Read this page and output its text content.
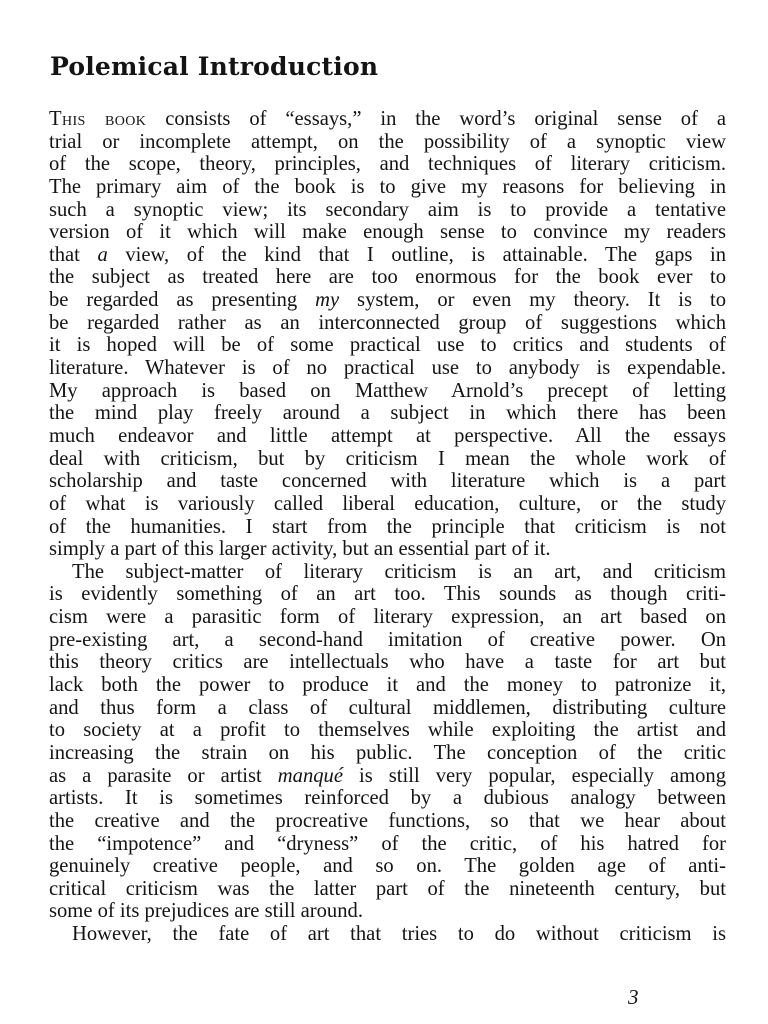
Polemical Introduction
This book consists of “essays,” in the word’s original sense of a
trial or incomplete attempt, on the possibility of a synoptic view
of the scope, theory, principles, and techniques of literary criticism.
The primary aim of the book is to give my reasons for believing in
such a synoptic view; its secondary aim is to provide a tentative
version of it which will make enough sense to convince my readers
that a view, of the kind that I outline, is attainable. The gaps in
the subject as treated here are too enormous for the book ever to
be regarded as presenting my system, or even my theory. It is to
be regarded rather as an interconnected group of suggestions which
it is hoped will be of some practical use to critics and students of
literature. Whatever is of no practical use to anybody is expendable.
My approach is based on Matthew Arnold’s precept of letting
the mind play freely around a subject in which there has been
much endeavor and little attempt at perspective. All the essays
deal with criticism, but by criticism I mean the whole work of
scholarship and taste concerned with literature which is a part
of what is variously called liberal education, culture, or the study
of the humanities. I start from the principle that criticism is not
simply a part of this larger activity, but an essential part of it.
The subject-matter of literary criticism is an art, and criticism
is evidently something of an art too. This sounds as though criti-
cism were a parasitic form of literary expression, an art based on
pre-existing art, a second-hand imitation of creative power. On
this theory critics are intellectuals who have a taste for art but
lack both the power to produce it and the money to patronize it,
and thus form a class of cultural middlemen, distributing culture
to society at a profit to themselves while exploiting the artist and
increasing the strain on his public. The conception of the critic
as a parasite or artist manqué is still very popular, especially among
artists. It is sometimes reinforced by a dubious analogy between
the creative and the procreative functions, so that we hear about
the “impotence” and “dryness” of the critic, of his hatred for
genuinely creative people, and so on. The golden age of anti-
critical criticism was the latter part of the nineteenth century, but
some of its prejudices are still around.
However, the fate of art that tries to do without criticism is
3
